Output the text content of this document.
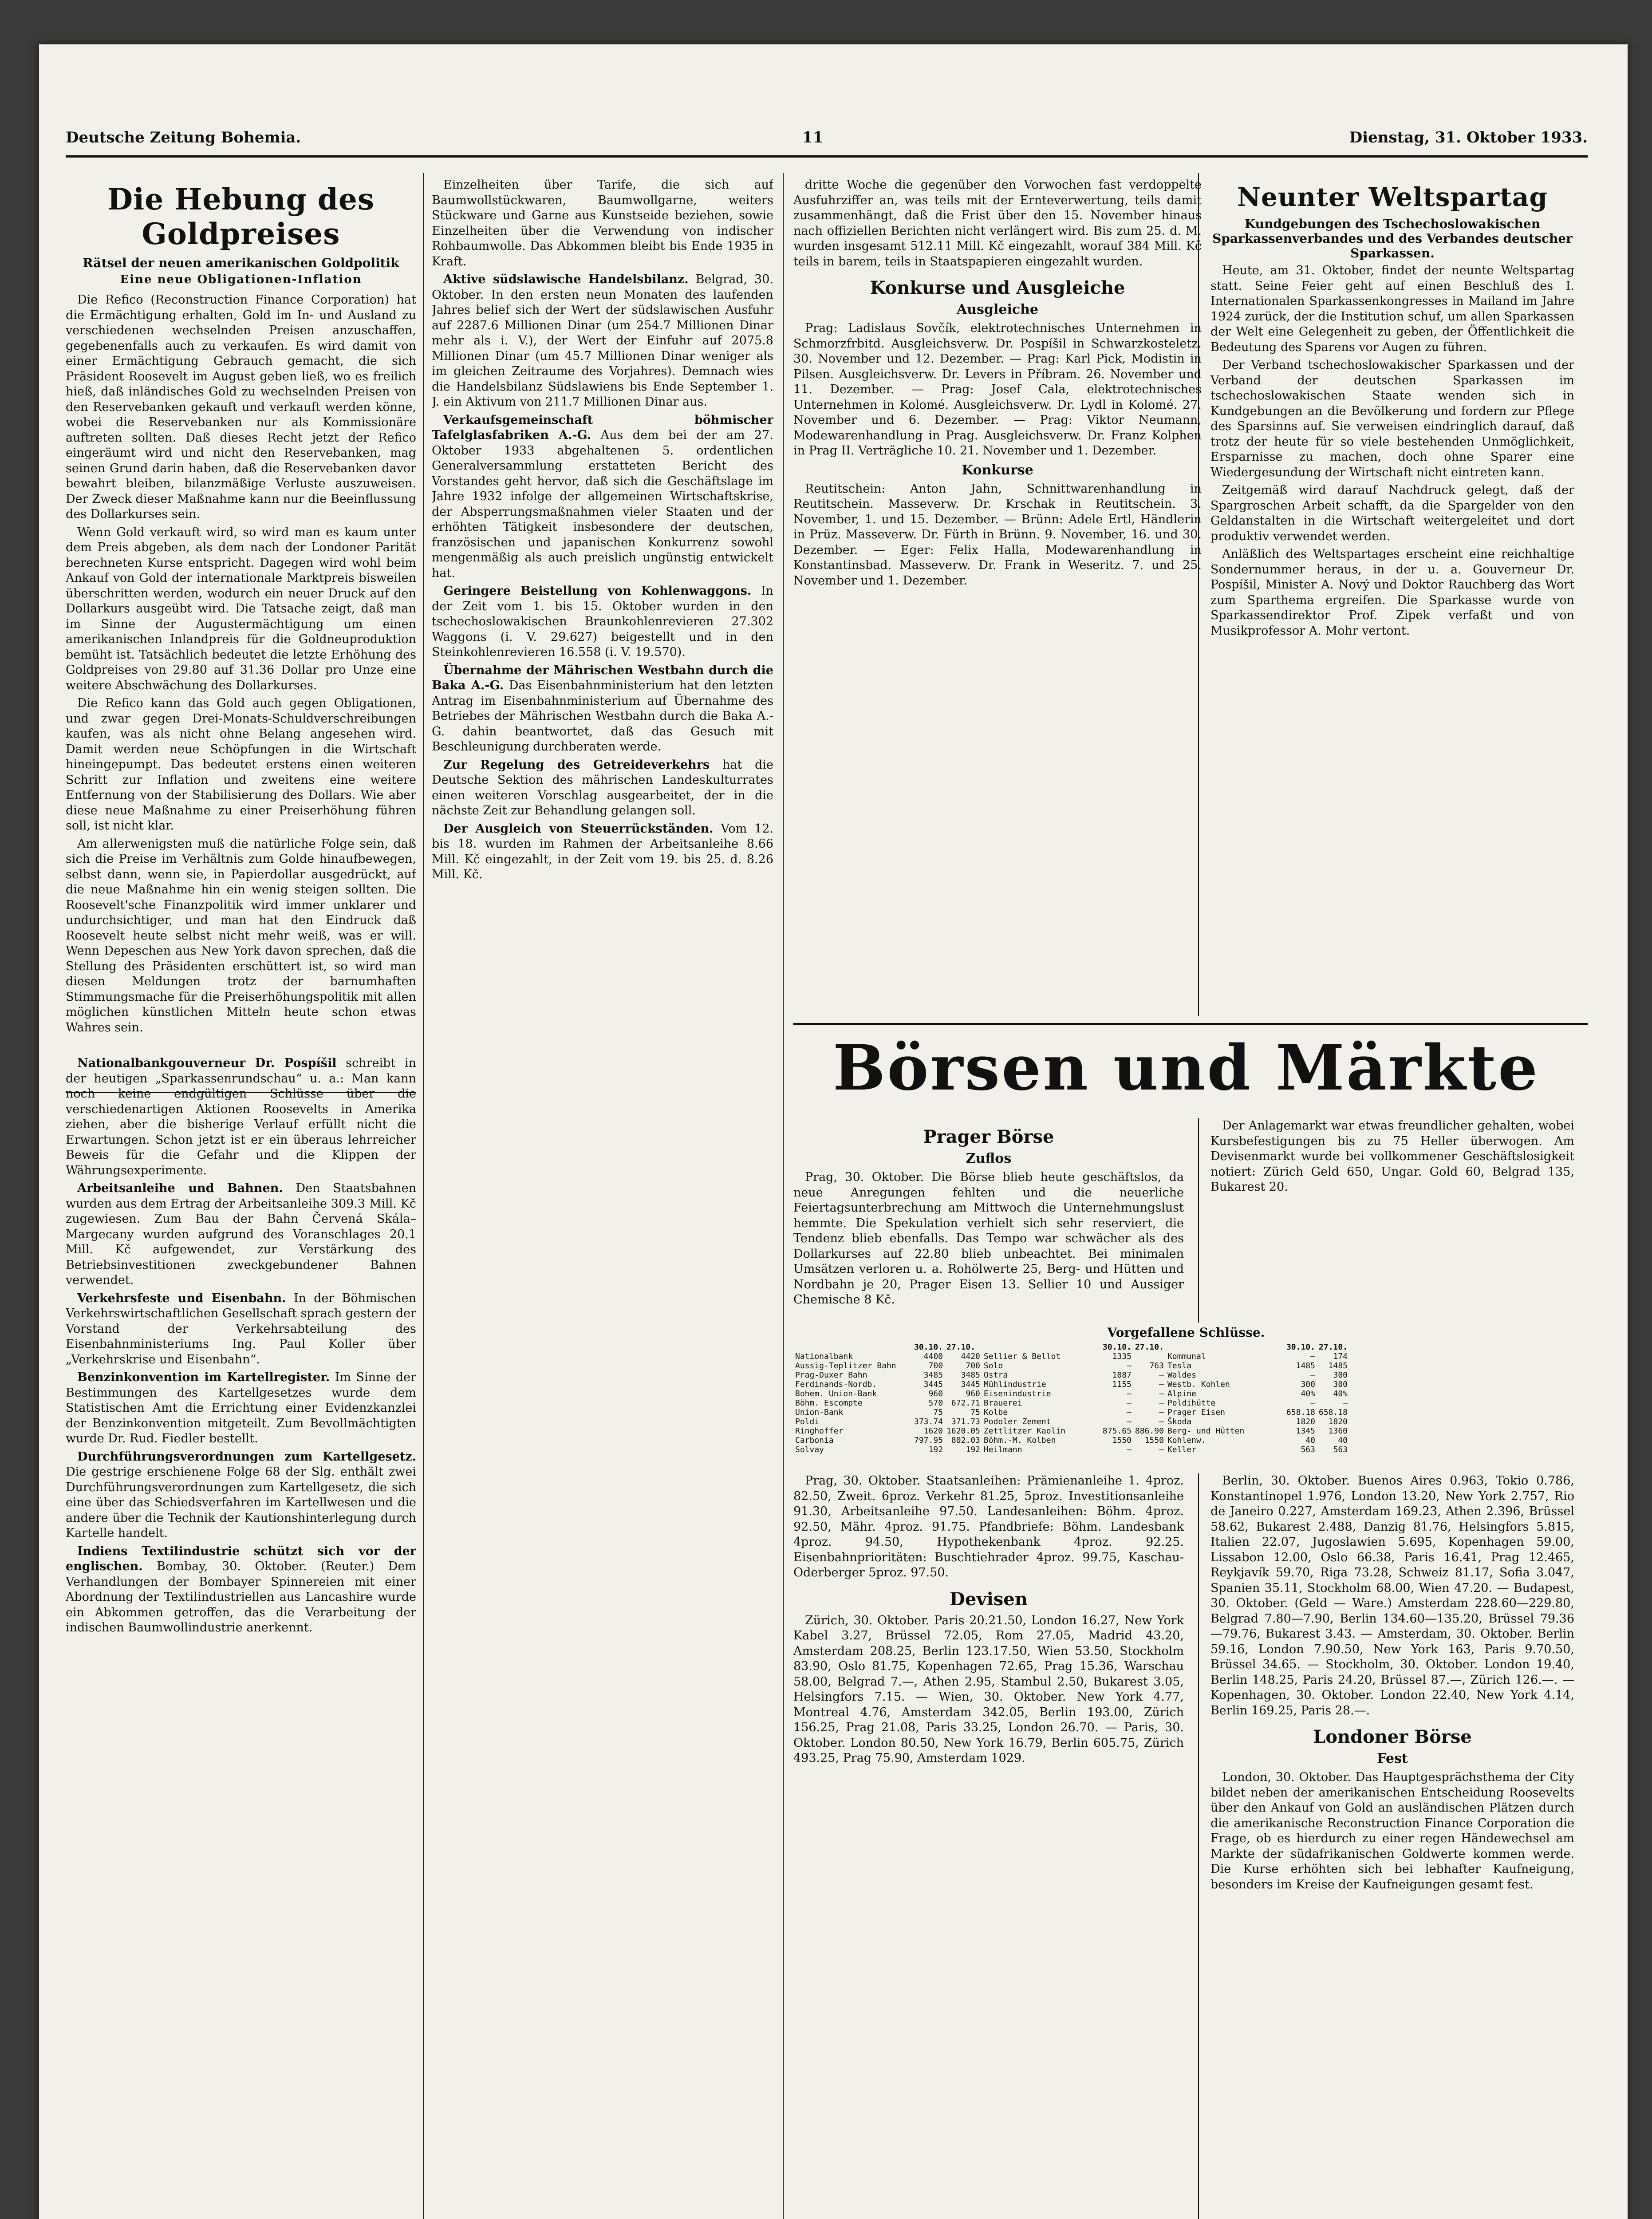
Deutsche Zeitung Bohemia.	11	Dienstag, 31. Oktober 1933.
Die Hebung des Goldpreises
Rätsel der neuen amerikanischen Goldpolitik
Eine neue Obligationen-Inflation

Die Refico (Reconstruction Finance Corporation) hat die Ermächtigung erhalten, Gold im In- und Ausland zu verschiedenen wechselnden Preisen anzuschaffen, gegebenenfalls auch zu verkaufen. Es wird damit von einer Ermächtigung Gebrauch gemacht, die sich Präsident Roosevelt im August geben ließ, wo es freilich hieß, daß inländisches Gold zu wechselnden Preisen von den Reservebanken gekauft und verkauft werden könne, wobei die Reservebanken nur als Kommissionäre auftreten sollten. Daß dieses Recht jetzt der Refico eingeräumt wird und nicht den Reservebanken, mag seinen Grund darin haben, daß die Reservebanken davor bewahrt bleiben, bilanzmäßige Verluste auszuweisen. Der Zweck dieser Maßnahme kann nur die Beeinflussung des Dollarkurses sein.

Wenn Gold verkauft wird, so wird man es kaum unter dem Preis abgeben, als dem nach der Londoner Parität berechneten Kurse entspricht. Dagegen wird wohl beim Ankauf von Gold der internationale Marktpreis bisweilen überschritten werden, wodurch ein neuer Druck auf den Dollarkurs ausgeübt wird. Die Tatsache zeigt, daß man im Sinne der Augustermächtigung um einen amerikanischen Inlandpreis für die Goldneuproduktion bemüht ist. Tatsächlich bedeutet die letzte Erhöhung des Goldpreises von 29.80 auf 31.36 Dollar pro Unze eine weitere Abschwächung des Dollarkurses.

Die Refico kann das Gold auch gegen Obligationen, und zwar gegen Drei-Monats-Schuldverschreibungen kaufen, was als nicht ohne Belang angesehen wird. Damit werden neue Schöpfungen in die Wirtschaft hineingepumpt. Das bedeutet erstens einen weiteren Schritt zur Inflation und zweitens eine weitere Entfernung von der Stabilisierung des Dollars. Wie aber diese neue Maßnahme zu einer Preiserhöhung führen soll, ist nicht klar.

Am allerwenigsten muß die natürliche Folge sein, daß sich die Preise im Verhältnis zum Golde hinaufbewegen, selbst dann, wenn sie, in Papierdollar ausgedrückt, auf die neue Maßnahme hin ein wenig steigen sollten. Die Roosevelt'sche Finanzpolitik wird immer unklarer und undurchsichtiger, und man hat den Eindruck daß Roosevelt heute selbst nicht mehr weiß, was er will. Wenn Depeschen aus New York davon sprechen, daß die Stellung des Präsidenten erschüttert ist, so wird man diesen Meldungen trotz der barnumhaften Stimmungsmache für die Preiserhöhungspolitik mit allen möglichen künstlichen Mitteln heute schon etwas Wahres sein.

Nationalbankgouverneur Dr. Pospíšil schreibt in der heutigen „Sparkassenrundschau“ u. a.: Man kann noch keine endgültigen Schlüsse über die verschiedenartigen Aktionen Roosevelts in Amerika ziehen, aber die bisherige Verlauf erfüllt nicht die Erwartungen. Schon jetzt ist er ein überaus lehrreicher Beweis für die Gefahr und die Klippen der Währungsexperimente.

Arbeitsanleihe und Bahnen. Den Staatsbahnen wurden aus dem Ertrag der Arbeitsanleihe 309.3 Mill. Kč zugewiesen. Zum Bau der Bahn Červená Skála–Margecany wurden aufgrund des Voranschlages 20.1 Mill. Kč aufgewendet, zur Verstärkung des Betriebsinvestitionen zweckgebundener Bahnen verwendet.

Verkehrsfeste und Eisenbahn. In der Böhmischen Verkehrswirtschaftlichen Gesellschaft sprach gestern der Vorstand der Verkehrsabteilung des Eisenbahnministeriums Ing. Paul Koller über „Verkehrskrise und Eisenbahn“.

Benzinkonvention im Kartellregister. Im Sinne der Bestimmungen des Kartellgesetzes wurde dem Statistischen Amt die Errichtung einer Evidenzkanzlei der Benzinkonvention mitgeteilt. Zum Bevollmächtigten wurde Dr. Rud. Fiedler bestellt.

Durchführungsverordnungen zum Kartellgesetz. Die gestrige erschienene Folge 68 der Slg. enthält zwei Durchführungsverordnungen zum Kartellgesetz, die sich eine über das Schiedsverfahren im Kartellwesen und die andere über die Technik der Kautionshinterlegung durch Kartelle handelt.

Indiens Textilindustrie schützt sich vor der englischen. Bombay, 30. Oktober. (Reuter.) Dem Verhandlungen der Bombayer Spinnereien mit einer Abordnung der Textilindustriellen aus Lancashire wurde ein Abkommen getroffen, das die Verarbeitung der indischen Baumwollindustrie anerkennt.

Einzelheiten über Tarife, die sich auf Baumwollstückwaren, Baumwollgarne, weiters Stückware und Garne aus Kunstseide beziehen, sowie Einzelheiten über die Verwendung von indischer Rohbaumwolle. Das Abkommen bleibt bis Ende 1935 in Kraft.

Aktive südslawische Handelsbilanz. Belgrad, 30. Oktober. In den ersten neun Monaten des laufenden Jahres belief sich der Wert der südslawischen Ausfuhr auf 2287.6 Millionen Dinar (um 254.7 Millionen Dinar mehr als i. V.), der Wert der Einfuhr auf 2075.8 Millionen Dinar (um 45.7 Millionen Dinar weniger als im gleichen Zeitraume des Vorjahres). Demnach wies die Handelsbilanz Südslawiens bis Ende September 1. J. ein Aktivum von 211.7 Millionen Dinar aus.

Verkaufsgemeinschaft böhmischer Tafelglasfabriken A.-G. Aus dem bei der am 27. Oktober 1933 abgehaltenen 5. ordentlichen Generalversammlung erstatteten Bericht des Vorstandes geht hervor, daß sich die Geschäftslage im Jahre 1932 infolge der allgemeinen Wirtschaftskrise, der Absperrungsmaßnahmen vieler Staaten und der erhöhten Tätigkeit insbesondere der deutschen, französischen und japanischen Konkurrenz sowohl mengenmäßig als auch preislich ungünstig entwickelt hat.

Geringere Beistellung von Kohlenwaggons. In der Zeit vom 1. bis 15. Oktober wurden in den tschechoslowakischen Braunkohlenrevieren 27.302 Waggons (i. V. 29.627) beigestellt und in den Steinkohlenrevieren 16.558 (i. V. 19.570).

Übernahme der Mährischen Westbahn durch die Baka A.-G. Das Eisenbahnministerium hat den letzten Antrag im Eisenbahnministerium auf Übernahme des Betriebes der Mährischen Westbahn durch die Baka A.-G. dahin beantwortet, daß das Gesuch mit Beschleunigung durchberaten werde.

Zur Regelung des Getreideverkehrs hat die Deutsche Sektion des mährischen Landeskulturrates einen weiteren Vorschlag ausgearbeitet, der in die nächste Zeit zur Behandlung gelangen soll.

Der Ausgleich von Steuerrückständen. Vom 12. bis 18. wurden im Rahmen der Arbeitsanleihe 8.66 Mill. Kč eingezahlt, in der Zeit vom 19. bis 25. d. 8.26 Mill. Kč.

dritte Woche die gegenüber den Vorwochen fast verdoppelte Ausfuhrziffer an, was teils mit der Ernteverwertung, teils damit zusammenhängt, daß die Frist über den 15. November hinaus nach offiziellen Berichten nicht verlängert wird. Bis zum 25. d. M. wurden insgesamt 512.11 Mill. Kč eingezahlt, worauf 384 Mill. Kč teils in barem, teils in Staatspapieren eingezahlt wurden.

Konkurse und Ausgleiche
Ausgleiche

Prag: Ladislaus Sovčík, elektrotechnisches Unternehmen in Schmorzfrbitd. Ausgleichsverw. Dr. Pospíšil in Schwarzkosteletz. 30. November und 12. Dezember. — Prag: Karl Pick, Modistin in Pilsen. Ausgleichsverw. Dr. Levers in Příbram. 26. November und 11. Dezember. — Prag: Josef Cala, elektrotechnisches Unternehmen in Kolomé. Ausgleichsverw. Dr. Lydl in Kolomé. 27. November und 6. Dezember. — Prag: Viktor Neumann, Modewarenhandlung in Prag. Ausgleichsverw. Dr. Franz Kolphen in Prag II. Verträgliche 10. 21. November und 1. Dezember.

Konkurse

Reutitschein: Anton Jahn, Schnittwarenhandlung in Reutitschein. Masseverw. Dr. Krschak in Reutitschein. 3. November, 1. und 15. Dezember. — Brünn: Adele Ertl, Händlerin in Prüz. Masseverw. Dr. Fürth in Brünn. 9. November, 16. und 30. Dezember. — Eger: Felix Halla, Modewarenhandlung in Konstantinsbad. Masseverw. Dr. Frank in Weseritz. 7. und 25. November und 1. Dezember.

Neunter Weltspartag
Kundgebungen des Tschechoslowakischen Sparkassenverbandes und des Verbandes deutscher Sparkassen.

Heute, am 31. Oktober, findet der neunte Weltspartag statt. Seine Feier geht auf einen Beschluß des I. Internationalen Sparkassenkongresses in Mailand im Jahre 1924 zurück, der die Institution schuf, um allen Sparkassen der Welt eine Gelegenheit zu geben, der Öffentlichkeit die Bedeutung des Sparens vor Augen zu führen.

Der Verband tschechoslowakischer Sparkassen und der Verband der deutschen Sparkassen im tschechoslowakischen Staate wenden sich in Kundgebungen an die Bevölkerung und fordern zur Pflege des Sparsinns auf. Sie verweisen eindringlich darauf, daß trotz der heute für so viele bestehenden Unmöglichkeit, Ersparnisse zu machen, doch ohne Sparer eine Wiedergesundung der Wirtschaft nicht eintreten kann.

Zeitgemäß wird darauf Nachdruck gelegt, daß der Spargroschen Arbeit schafft, da die Spargelder von den Geldanstalten in die Wirtschaft weitergeleitet und dort produktiv verwendet werden.

Anläßlich des Weltspartages erscheint eine reichhaltige Sondernummer heraus, in der u. a. Gouverneur Dr. Pospíšil, Minister A. Nový und Doktor Rauchberg das Wort zum Sparthema ergreifen. Die Sparkasse wurde von Sparkassendirektor Prof. Zipek verfaßt und von Musikprofessor A. Mohr vertont.

Börsen und Märkte
Prager Börse
Zuflos

Prag, 30. Oktober. Die Börse blieb heute geschäftslos, da neue Anregungen fehlten und die neuerliche Feiertagsunterbrechung am Mittwoch die Unternehmungslust hemmte. Die Spekulation verhielt sich sehr reserviert, die Tendenz blieb ebenfalls. Das Tempo war schwächer als des Dollarkurses auf 22.80 blieb unbeachtet. Bei minimalen Umsätzen verloren u. a. Rohölwerte 25, Berg- und Hütten und Nordbahn je 20, Prager Eisen 13. Sellier 10 und Aussiger Chemische 8 Kč.

Der Anlagemarkt war etwas freundlicher gehalten, wobei Kursbefestigungen bis zu 75 Heller überwogen. Am Devisenmarkt wurde bei vollkommener Geschäftslosigkeit notiert: Zürich Geld 650, Ungar. Gold 60, Belgrad 135, Bukarest 20.

Vorgefallene Schlüsse.
	30.10.	27.10.		30.10.	27.10.		30.10.	27.10.
Nationalbank	4400	4420	Sellier & Bellot	1335		Kommunal	—	174
Aussig-Teplitzer Bahn	700	700	Solo	—	763	Tesla	1485	1485
Prag-Duxer Bahn	3485	3485	Ostra	1087	—	Waldes	—	300
Ferdinands-Nordb.	3445	3445	Mühlindustrie	1155	—	Westb. Kohlen	300	300
Bohem. Union-Bank	960	960	Eisenindustrie	—	—	Alpine	40%	40%
Böhm. Escompte	570	672.71	Brauerei	—	—	Poldihütte	—	—
Union-Bank	75	75	Kolbe	—	—	Prager Eisen	658.18	658.18
Poldi	373.74	371.73	Podoler Zement	—	—	Škoda	1820	1820
Ringhoffer	1620	1620.05	Zettlitzer Kaolin	875.65	886.90	Berg- und Hütten	1345	1360
Carbonia	797.95	802.03	Böhm.-M. Kolben	1550	1550	Kohlenw.	40	40
Solvay	192	192	Heilmann	—	—	Keller	563	563

Prag, 30. Oktober. Staatsanleihen: Prämienanleihe 1. 4proz. 82.50, Zweit. 6proz. Verkehr 81.25, 5proz. Investitionsanleihe 91.30, Arbeitsanleihe 97.50. Landesanleihen: Böhm. 4proz. 92.50, Mähr. 4proz. 91.75. Pfandbriefe: Böhm. Landesbank 4proz. 94.50, Hypothekenbank 4proz. 92.25. Eisenbahnprioritäten: Buschtiehrader 4proz. 99.75, Kaschau-Oderberger 5proz. 97.50.

Devisen

Zürich, 30. Oktober. Paris 20.21.50, London 16.27, New York Kabel 3.27, Brüssel 72.05, Rom 27.05, Madrid 43.20, Amsterdam 208.25, Berlin 123.17.50, Wien 53.50, Stockholm 83.90, Oslo 81.75, Kopenhagen 72.65, Prag 15.36, Warschau 58.00, Belgrad 7.—, Athen 2.95, Stambul 2.50, Bukarest 3.05, Helsingfors 7.15. — Wien, 30. Oktober. New York 4.77, Montreal 4.76, Amsterdam 342.05, Berlin 193.00, Zürich 156.25, Prag 21.08, Paris 33.25, London 26.70. — Paris, 30. Oktober. London 80.50, New York 16.79, Berlin 605.75, Zürich 493.25, Prag 75.90, Amsterdam 1029.

Berlin, 30. Oktober. Buenos Aires 0.963, Tokio 0.786, Konstantinopel 1.976, London 13.20, New York 2.757, Rio de Janeiro 0.227, Amsterdam 169.23, Athen 2.396, Brüssel 58.62, Bukarest 2.488, Danzig 81.76, Helsingfors 5.815, Italien 22.07, Jugoslawien 5.695, Kopenhagen 59.00, Lissabon 12.00, Oslo 66.38, Paris 16.41, Prag 12.465, Reykjavík 59.70, Riga 73.28, Schweiz 81.17, Sofia 3.047, Spanien 35.11, Stockholm 68.00, Wien 47.20. — Budapest, 30. Oktober. (Geld — Ware.) Amsterdam 228.60—229.80, Belgrad 7.80—7.90, Berlin 134.60—135.20, Brüssel 79.36—79.76, Bukarest 3.43. — Amsterdam, 30. Oktober. Berlin 59.16, London 7.90.50, New York 163, Paris 9.70.50, Brüssel 34.65. — Stockholm, 30. Oktober. London 19.40, Berlin 148.25, Paris 24.20, Brüssel 87.—, Zürich 126.—. — Kopenhagen, 30. Oktober. London 22.40, New York 4.14, Berlin 169.25, Paris 28.—.

Londoner Börse
Fest

London, 30. Oktober. Das Hauptgesprächsthema der City bildet neben der amerikanischen Entscheidung Roosevelts über den Ankauf von Gold an ausländischen Plätzen durch die amerikanische Reconstruction Finance Corporation die Frage, ob es hierdurch zu einer regen Händewechsel am Markte der südafrikanischen Goldwerte kommen werde. Die Kurse erhöhten sich bei lebhafter Kaufneigung, besonders im Kreise der Kaufneigungen gesamt fest.
